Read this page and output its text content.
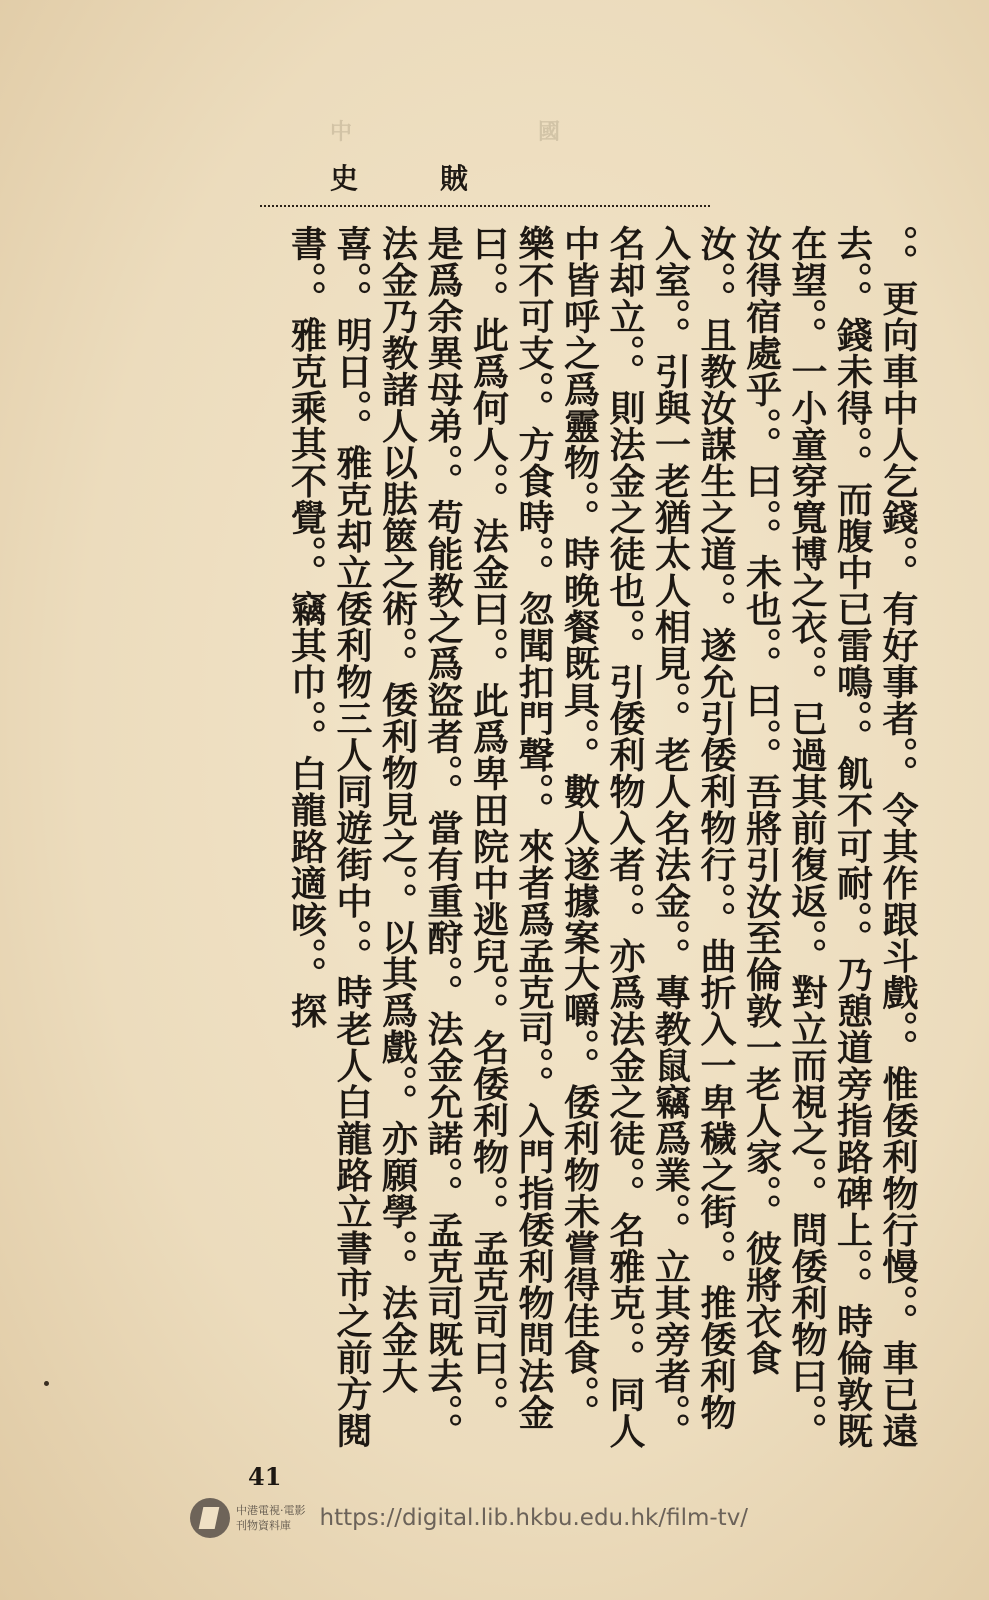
中	國
史	賊
。。更向車中人乞錢。。有好事者。。令其作跟斗戲。。惟倭利物行慢。。車已遠去。。錢未得。。而腹中已雷鳴。。飢不可耐。。乃憩道旁指路碑上。。時倫敦既在望。。一小童穿寬博之衣。。已過其前復返。。對立而視之。。問倭利物曰。。汝得宿處乎。。曰。。未也。。曰。。吾將引汝至倫敦一老人家。。彼將衣食汝。。且教汝謀生之道。。遂允引倭利物行。。曲折入一卑穢之街。。推倭利物入室。。引與一老猶太人相見。。老人名法金。。專教鼠竊爲業。。立其旁者。。名却立。。則法金之徒也。。引倭利物入者。。亦爲法金之徒。。名雅克。。同人中皆呼之爲靈物。。時晚餐既具。。數人遂據案大嚼。。倭利物未嘗得佳食。。樂不可支。。方食時。。忽聞扣門聲。。來者爲孟克司。。入門指倭利物問法金曰。。此爲何人。。法金曰。。此爲卑田院中逃兒。。名倭利物。。孟克司曰。。是爲余異母弟。。苟能教之爲盜者。。當有重酧。。法金允諾。。孟克司既去。。法金乃教諸人以胠篋之術。。倭利物見之。。以其爲戲。。亦願學。。法金大喜。。明日。。雅克却立倭利物三人同遊街中。。時老人白龍路立書市之前方閱書。。雅克乘其不覺。。竊其巾。。白龍路適咳。。探
41
中港電視‧電影
刊物資料庫	https://digital.lib.hkbu.edu.hk/film-tv/
